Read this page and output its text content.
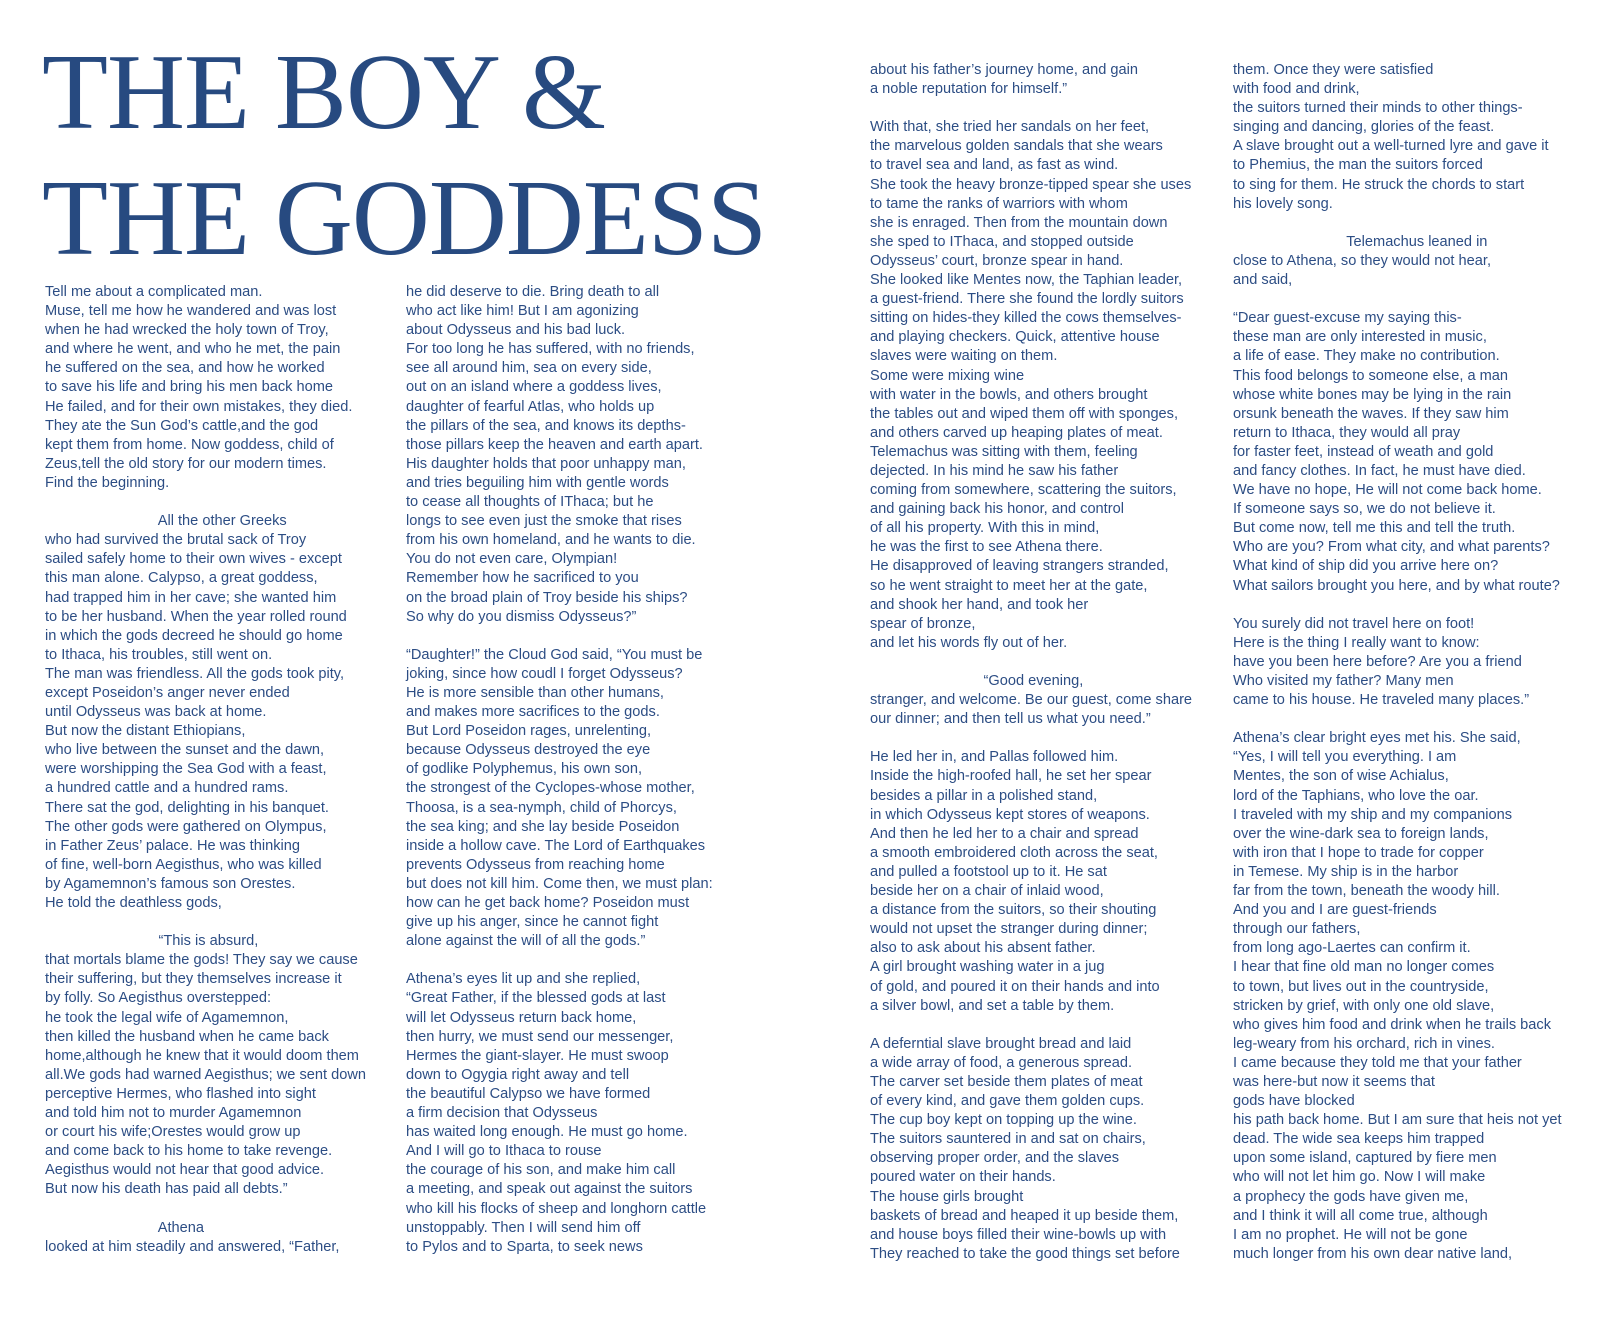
THE BOY &
THE GODDESS
Tell me about a complicated man.
Muse, tell me how he wandered and was lost
when he had wrecked the holy town of Troy,
and where he went, and who he met, the pain
he suffered on the sea, and how he worked
to save his life and bring his men back home
He failed, and for their own mistakes, they died.
They ate the Sun God’s cattle,and the god
kept them from home. Now goddess, child of
Zeus,tell the old story for our modern times.
Find the beginning.
All the other Greeks
who had survived the brutal sack of Troy
sailed safely home to their own wives - except
this man alone. Calypso, a great goddess,
had trapped him in her cave; she wanted him
to be her husband. When the year rolled round
in which the gods decreed he should go home
to Ithaca, his troubles, still went on.
The man was friendless. All the gods took pity,
except Poseidon’s anger never ended
until Odysseus was back at home.
But now the distant Ethiopians,
who live between the sunset and the dawn,
were worshipping the Sea God with a feast,
a hundred cattle and a hundred rams.
There sat the god, delighting in his banquet.
The other gods were gathered on Olympus,
in Father Zeus’ palace. He was thinking
of fine, well-born Aegisthus, who was killed
by Agamemnon’s famous son Orestes.
He told the deathless gods,
“This is absurd,
that mortals blame the gods! They say we cause
their suffering, but they themselves increase it
by folly. So Aegisthus overstepped:
he took the legal wife of Agamemnon,
then killed the husband when he came back
home,although he knew that it would doom them
all.We gods had warned Aegisthus; we sent down
perceptive Hermes, who flashed into sight
and told him not to murder Agamemnon
or court his wife;Orestes would grow up
and come back to his home to take revenge.
Aegisthus would not hear that good advice.
But now his death has paid all debts.”
Athena
looked at him steadily and answered, “Father,
he did deserve to die. Bring death to all
who act like him! But I am agonizing
about Odysseus and his bad luck.
For too long he has suffered, with no friends,
see all around him, sea on every side,
out on an island where a goddess lives,
daughter of fearful Atlas, who holds up
the pillars of the sea, and knows its depths-
those pillars keep the heaven and earth apart.
His daughter holds that poor unhappy man,
and tries beguiling him with gentle words
to cease all thoughts of IThaca; but he
longs to see even just the smoke that rises
from his own homeland, and he wants to die.
You do not even care, Olympian!
Remember how he sacrificed to you
on the broad plain of Troy beside his ships?
So why do you dismiss Odysseus?”
“Daughter!” the Cloud God said, “You must be
joking, since how coudl I forget Odysseus?
He is more sensible than other humans,
and makes more sacrifices to the gods.
But Lord Poseidon rages, unrelenting,
because Odysseus destroyed the eye
of godlike Polyphemus, his own son,
the strongest of the Cyclopes-whose mother,
Thoosa, is a sea-nymph, child of Phorcys,
the sea king; and she lay beside Poseidon
inside a hollow cave. The Lord of Earthquakes
prevents Odysseus from reaching home
but does not kill him. Come then, we must plan:
how can he get back home? Poseidon must
give up his anger, since he cannot fight
alone against the will of all the gods.”
Athena’s eyes lit up and she replied,
“Great Father, if the blessed gods at last
will let Odysseus return back home,
then hurry, we must send our messenger,
Hermes the giant-slayer. He must swoop
down to Ogygia right away and tell
the beautiful Calypso we have formed
a firm decision that Odysseus
has waited long enough. He must go home.
And I will go to Ithaca to rouse
the courage of his son, and make him call
a meeting, and speak out against the suitors
who kill his flocks of sheep and longhorn cattle
unstoppably. Then I will send him off
to Pylos and to Sparta, to seek news
about his father’s journey home, and gain
a noble reputation for himself.”
With that, she tried her sandals on her feet,
the marvelous golden sandals that she wears
to travel sea and land, as fast as wind.
She took the heavy bronze-tipped spear she uses
to tame the ranks of warriors with whom
she is enraged. Then from the mountain down
she sped to IThaca, and stopped outside
Odysseus’ court, bronze spear in hand.
She looked like Mentes now, the Taphian leader,
a guest-friend. There she found the lordly suitors
sitting on hides-they killed the cows themselves-
and playing checkers. Quick, attentive house
slaves were waiting on them.
Some were mixing wine
with water in the bowls, and others brought
the tables out and wiped them off with sponges,
and others carved up heaping plates of meat.
Telemachus was sitting with them, feeling
dejected. In his mind he saw his father
coming from somewhere, scattering the suitors,
and gaining back his honor, and control
of all his property. With this in mind,
he was the first to see Athena there.
He disapproved of leaving strangers stranded,
so he went straight to meet her at the gate,
and shook her hand, and took her
spear of bronze,
and let his words fly out of her.
“Good evening,
stranger, and welcome. Be our guest, come share
our dinner; and then tell us what you need.”
He led her in, and Pallas followed him.
Inside the high-roofed hall, he set her spear
besides a pillar in a polished stand,
in which Odysseus kept stores of weapons.
And then he led her to a chair and spread
a smooth embroidered cloth across the seat,
and pulled a footstool up to it. He sat
beside her on a chair of inlaid wood,
a distance from the suitors, so their shouting
would not upset the stranger during dinner;
also to ask about his absent father.
A girl brought washing water in a jug
of gold, and poured it on their hands and into
a silver bowl, and set a table by them.
A deferntial slave brought bread and laid
a wide array of food, a generous spread.
The carver set beside them plates of meat
of every kind, and gave them golden cups.
The cup boy kept on topping up the wine.
The suitors sauntered in and sat on chairs,
observing proper order, and the slaves
poured water on their hands.
The house girls brought
baskets of bread and heaped it up beside them,
and house boys filled their wine-bowls up with
They reached to take the good things set before
them. Once they were satisfied
with food and drink,
the suitors turned their minds to other things-
singing and dancing, glories of the feast.
A slave brought out a well-turned lyre and gave it
to Phemius, the man the suitors forced
to sing for them. He struck the chords to start
his lovely song.
Telemachus leaned in
close to Athena, so they would not hear,
and said,
“Dear guest-excuse my saying this-
these man are only interested in music,
a life of ease. They make no contribution.
This food belongs to someone else, a man
whose white bones may be lying in the rain
orsunk beneath the waves. If they saw him
return to Ithaca, they would all pray
for faster feet, instead of weath and gold
and fancy clothes. In fact, he must have died.
We have no hope, He will not come back home.
If someone says so, we do not believe it.
But come now, tell me this and tell the truth.
Who are you? From what city, and what parents?
What kind of ship did you arrive here on?
What sailors brought you here, and by what route?
You surely did not travel here on foot!
Here is the thing I really want to know:
have you been here before? Are you a friend
Who visited my father? Many men
came to his house. He traveled many places.”
Athena’s clear bright eyes met his. She said,
“Yes, I will tell you everything. I am
Mentes, the son of wise Achialus,
lord of the Taphians, who love the oar.
I traveled with my ship and my companions
over the wine-dark sea to foreign lands,
with iron that I hope to trade for copper
in Temese. My ship is in the harbor
far from the town, beneath the woody hill.
And you and I are guest-friends
through our fathers,
from long ago-Laertes can confirm it.
I hear that fine old man no longer comes
to town, but lives out in the countryside,
stricken by grief, with only one old slave,
who gives him food and drink when he trails back
leg-weary from his orchard, rich in vines.
I came because they told me that your father
was here-but now it seems that
gods have blocked
his path back home. But I am sure that heis not yet
dead. The wide sea keeps him trapped
upon some island, captured by fiere men
who will not let him go. Now I will make
a prophecy the gods have given me,
and I think it will all come true, although
I am no prophet. He will not be gone
much longer from his own dear native land,
